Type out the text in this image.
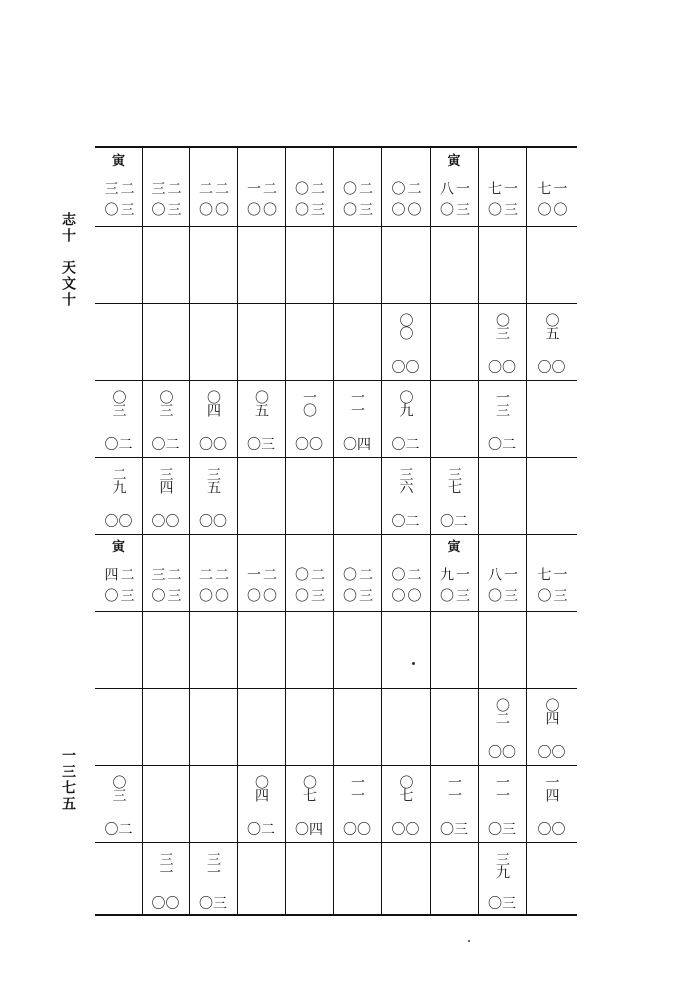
志十　天文十
一三七五
寅
三〇
二三
三〇
二三
〇〇
二二
〇〇
二一
三〇
二〇
三〇
二〇
〇〇
二〇
寅
三〇
一八
三〇
一七
〇〇
一七
〇〇
〇〇
〇三
〇〇
〇五
〇〇
〇三
〇二
〇三
〇二
〇四
〇〇
〇五
〇三
一〇
〇〇
一一
〇四
〇九
〇二
一三
〇二
二九
〇〇
三四
〇〇
三五
〇〇
三六
〇二
三七
〇二
寅
三〇
二四
三〇
二三
〇〇
二二
〇〇
二一
三〇
二〇
三〇
二〇
〇〇
二〇
寅
三〇
一九
三〇
一八
三〇
一七
〇二
〇〇
〇四
〇〇
〇三
〇二
〇四
〇二
〇七
〇四
一一
〇〇
〇七
〇〇
一一
〇三
一一
〇三
一四
〇〇
三一
〇〇
三一
〇三
三九
〇三
